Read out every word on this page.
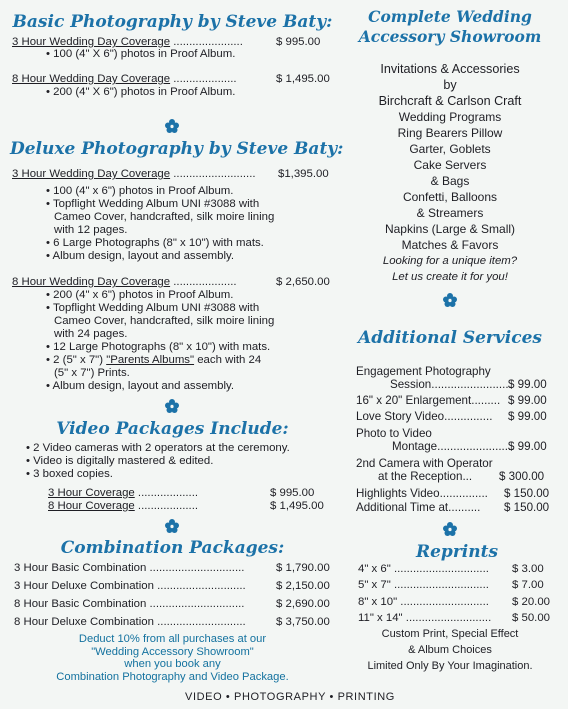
Basic Photography by Steve Baty:
3 Hour Wedding Day Coverage ......................	$ 995.00
• 100 (4" X 6") photos in Proof Album.
8 Hour Wedding Day Coverage ....................	$ 1,495.00
• 200 (4" X 6") photos in Proof Album.
Deluxe Photography by Steve Baty:
3 Hour Wedding Day Coverage .......................... $1,395.00
• 100 (4" x 6") photos in Proof Album.
• Topflight Wedding Album UNI #3088 with
Cameo Cover, handcrafted, silk moire lining
with 12 pages.
• 6 Large Photographs (8" x 10") with mats.
• Album design, layout and assembly.
8 Hour Wedding Day Coverage ....................	$ 2,650.00
• 200 (4" x 6") photos in Proof Album.
• Topflight Wedding Album UNI #3088 with
Cameo Cover, handcrafted, silk moire lining
with 24 pages.
• 12 Large Photographs (8" x 10") with mats.
• 2 (5" x 7") "Parents Albums" each with 24
(5" x 7") Prints.
• Album design, layout and assembly.
Video Packages Include:
• 2 Video cameras with 2 operators at the ceremony.
• Video is digitally mastered & edited.
• 3 boxed copies.
3 Hour Coverage ...................	$ 995.00
8 Hour Coverage ...................	$ 1,495.00
Combination Packages:
3 Hour Basic Combination ..............................	$ 1,790.00
3 Hour Deluxe Combination ............................	$ 2,150.00
8 Hour Basic Combination ..............................	$ 2,690.00
8 Hour Deluxe Combination ............................	$ 3,750.00
Deduct 10% from all purchases at our
"Wedding Accessory Showroom"
when you book any
Combination Photography and Video Package.
VIDEO • PHOTOGRAPHY • PRINTING
Complete Wedding
Accessory Showroom
Invitations & Accessories
by
Birchcraft & Carlson Craft
Wedding Programs
Ring Bearers Pillow
Garter, Goblets
Cake Servers
& Bags
Confetti, Balloons
& Streamers
Napkins (Large & Small)
Matches & Favors
Looking for a unique item?
Let us create it for you!
Additional Services
Engagement Photography
Session.........................
$ 99.00
16" x 20" Enlargement......... $ 99.00
Love Story Video............... $ 99.00
Photo to Video
Montage........................
$ 99.00
2nd Camera with Operator
at the Reception... $ 300.00
Highlights Video............... $ 150.00
Additional Time at.......... $ 150.00
Reprints
4" x 6" .............................. $ 3.00
5" x 7" .............................. $ 7.00
8" x 10" ............................ $ 20.00
11" x 14" ........................... $ 50.00
Custom Print, Special Effect
& Album Choices
Limited Only By Your Imagination.
